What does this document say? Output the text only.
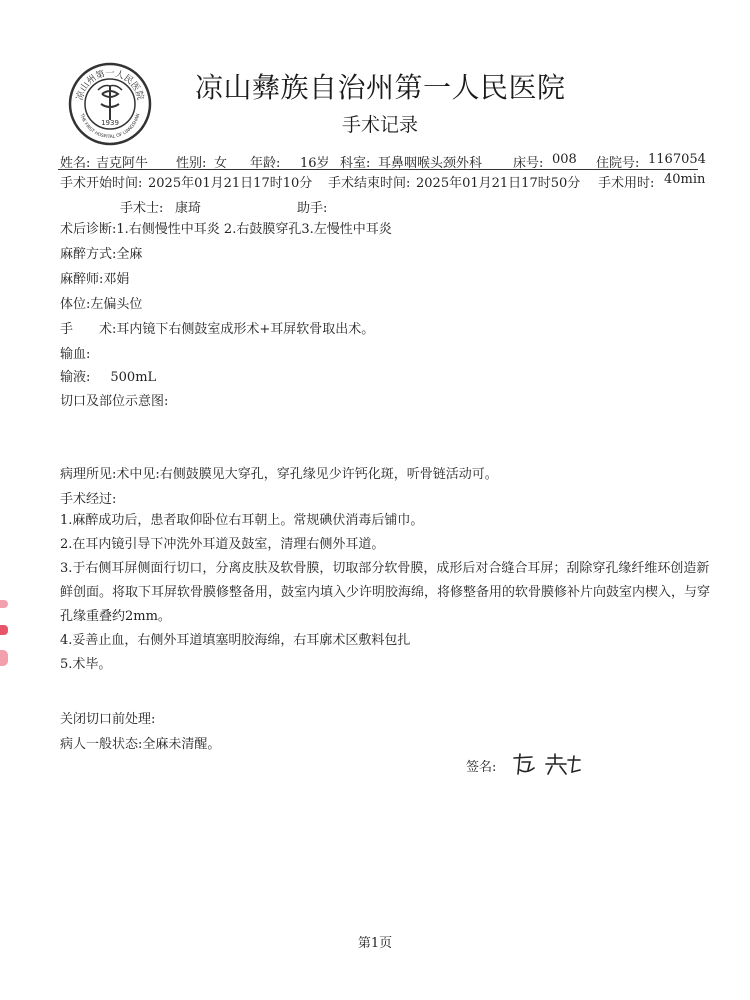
凉山州第一人民医院
THE FIRST HOSPITAL OF LIANGSHAN
1939
凉山彝族自治州第一人民医院
手术记录
姓名: 吉克阿牛 性别: 女 年龄: 16岁 科室: 耳鼻咽喉头颈外科 床号: 008 住院号: 1167054
手术开始时间: 2025年01月21日17时10分 手术结束时间: 2025年01月21日17时50分 手术用时: 40min
手术士: 康琦	助手:
术后诊断:1.右侧慢性中耳炎 2.右鼓膜穿孔3.左慢性中耳炎
麻醉方式:全麻
麻醉师:邓娟
体位:左偏头位
手　　术:耳内镜下右侧鼓室成形术+耳屏软骨取出术。
输血:
输液: 500mL
切口及部位示意图:
病理所见:术中见:右侧鼓膜见大穿孔，穿孔缘见少许钙化斑，听骨链活动可。
手术经过:
1.麻醉成功后，患者取仰卧位右耳朝上。常规碘伏消毒后铺巾。
2.在耳内镜引导下冲洗外耳道及鼓室，清理右侧外耳道。
3.于右侧耳屏侧面行切口，分离皮肤及软骨膜，切取部分软骨膜，成形后对合缝合耳屏；刮除穿孔缘纤维环创造新鲜创面。将取下耳屏软骨膜修整备用，鼓室内填入少许明胶海绵，将修整备用的软骨膜修补片向鼓室内楔入，与穿孔缘重叠约2mm。
4.妥善止血，右侧外耳道填塞明胶海绵，右耳廓术区敷料包扎
5.术毕。
关闭切口前处理:
病人一般状态:全麻未清醒。
签名:
第1页
